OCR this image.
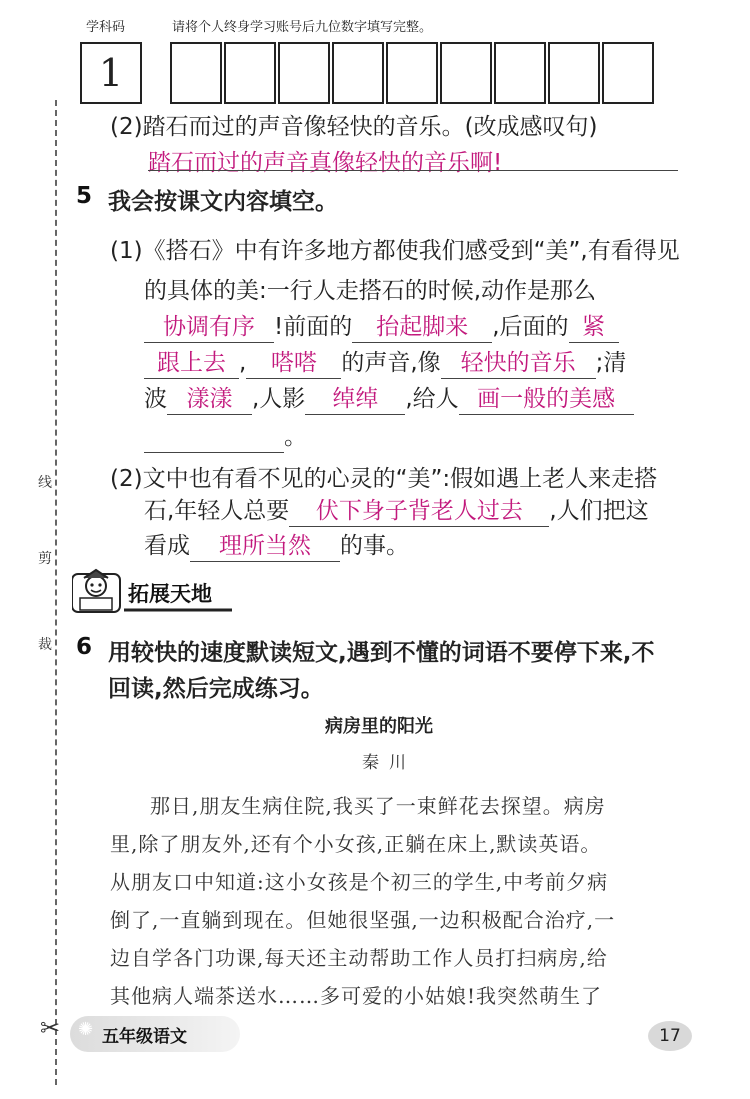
学科码	请将个人终身学习账号后九位数字填写完整。
1
线
剪
裁
✂
(2)踏石而过的声音像轻快的音乐。(改成感叹句)
踏石而过的声音真像轻快的音乐啊!
5 我会按课文内容填空。
(1)《搭石》中有许多地方都使我们感受到“美”,有看得见
的具体的美:一行人走搭石的时候,动作是那么
协调有序 !前面的 抬起脚来 ,后面的 紧
跟上去 , 嗒嗒 的声音,像 轻快的音乐 ;清
波 漾漾 ,人影 绰绰 ,给人 画一般的美感
。
(2)文中也有看不见的心灵的“美”:假如遇上老人来走搭
石,年轻人总要 伏下身子背老人过去 ,人们把这
看成 理所当然 的事。
拓展天地
6 用较快的速度默读短文,遇到不懂的词语不要停下来,不
回读,然后完成练习。
病房里的阳光
秦川
那日,朋友生病住院,我买了一束鲜花去探望。病房
里,除了朋友外,还有个小女孩,正躺在床上,默读英语。
从朋友口中知道:这小女孩是个初三的学生,中考前夕病
倒了,一直躺到现在。但她很坚强,一边积极配合治疗,一
边自学各门功课,每天还主动帮助工作人员打扫病房,给
其他病人端茶送水……多可爱的小姑娘!我突然萌生了
✺ 五年级语文	17
